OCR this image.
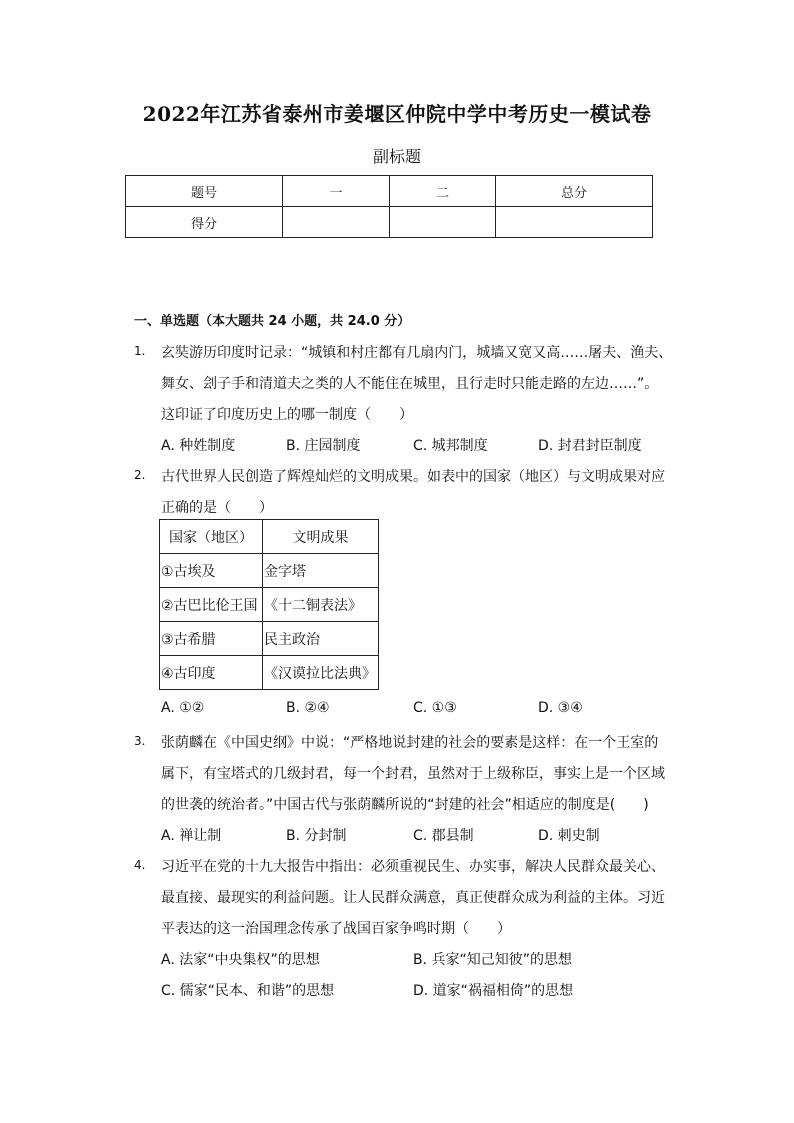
2022年江苏省泰州市姜堰区仲院中学中考历史一模试卷
副标题
题号	一	二	总分
得分			
一、单选题（本大题共 24 小题，共 24.0 分）
1. 玄奘游历印度时记录：“城镇和村庄都有几扇内门，城墙又宽又高……屠夫、渔夫、
舞女、刽子手和清道夫之类的人不能住在城里，且行走时只能走路的左边……”。
这印证了印度历史上的哪一制度（　　）
A. 种姓制度	B. 庄园制度	C. 城邦制度	D. 封君封臣制度
2. 古代世界人民创造了辉煌灿烂的文明成果。如表中的国家（地区）与文明成果对应
正确的是（　　）
国家（地区）	文明成果
①古埃及	金字塔
②古巴比伦王国	《十二铜表法》
③古希腊	民主政治
④古印度	《汉谟拉比法典》
A. ①②	B. ②④	C. ①③	D. ③④
3. 张荫麟在《中国史纲》中说：“严格地说封建的社会的要素是这样：在一个王室的
属下，有宝塔式的几级封君，每一个封君，虽然对于上级称臣，事实上是一个区域
的世袭的统治者。”中国古代与张荫麟所说的“封建的社会”相适应的制度是(　　)
A. 禅让制	B. 分封制	C. 郡县制	D. 刺史制
4. 习近平在党的十九大报告中指出：必须重视民生、办实事，解决人民群众最关心、
最直接、最现实的利益问题。让人民群众满意，真正使群众成为利益的主体。习近
平表达的这一治国理念传承了战国百家争鸣时期（　　）
A. 法家“中央集权”的思想	B. 兵家“知己知彼”的思想
C. 儒家“民本、和谐”的思想	D. 道家“祸福相倚”的思想
